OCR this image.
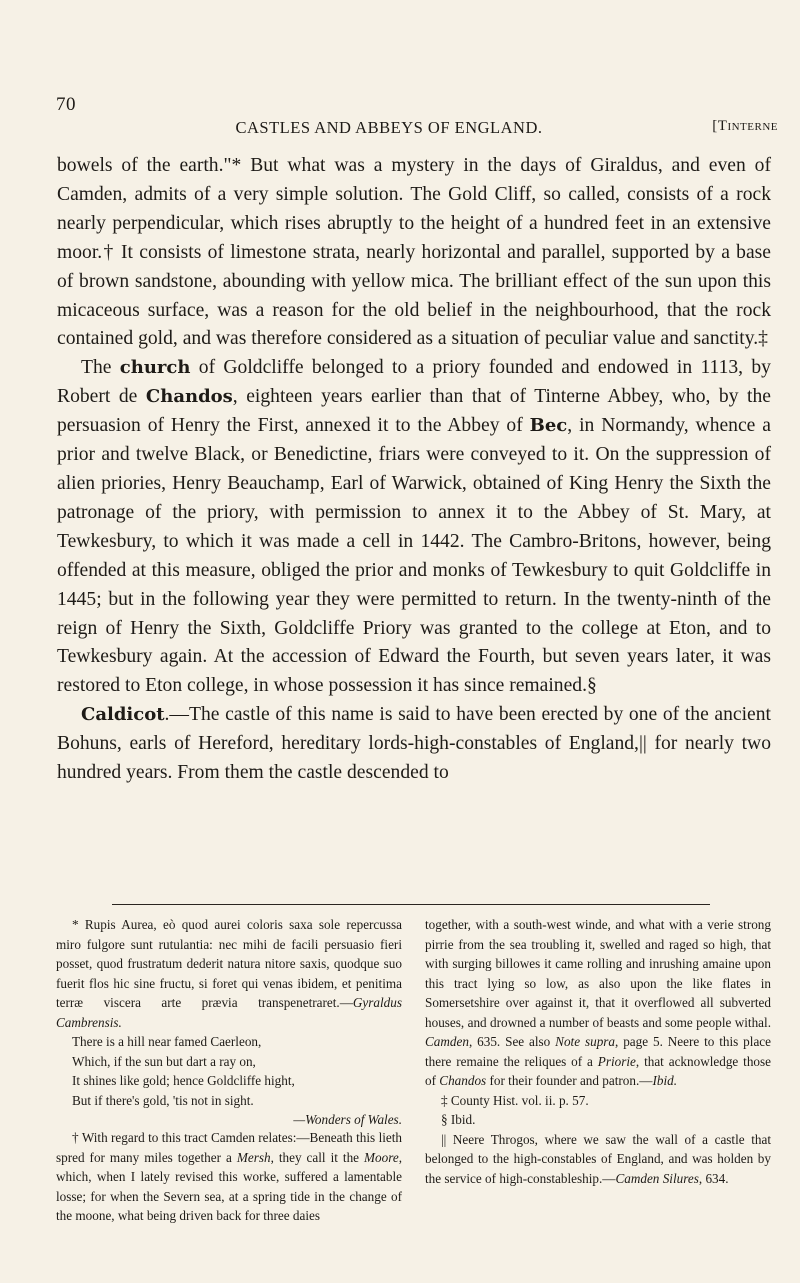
70
CASTLES AND ABBEYS OF ENGLAND.	[Tinterne

bowels of the earth."* But what was a mystery in the days of Giraldus, and even of Camden, admits of a very simple solution. The Gold Cliff, so called, consists of a rock nearly perpendicular, which rises abruptly to the height of a hundred feet in an extensive moor.† It consists of limestone strata, nearly horizontal and parallel, supported by a base of brown sandstone, abounding with yellow mica. The brilliant effect of the sun upon this micaceous surface, was a reason for the old belief in the neighbourhood, that the rock contained gold, and was therefore considered as a situation of peculiar value and sanctity.‡

The church of Goldcliffe belonged to a priory founded and endowed in 1113, by Robert de Chandos, eighteen years earlier than that of Tinterne Abbey, who, by the persuasion of Henry the First, annexed it to the Abbey of Bec, in Normandy, whence a prior and twelve Black, or Benedictine, friars were conveyed to it. On the suppression of alien priories, Henry Beauchamp, Earl of Warwick, obtained of King Henry the Sixth the patronage of the priory, with permission to annex it to the Abbey of St. Mary, at Tewkesbury, to which it was made a cell in 1442. The Cambro-Britons, however, being offended at this measure, obliged the prior and monks of Tewkesbury to quit Goldcliffe in 1445; but in the following year they were permitted to return. In the twenty-ninth of the reign of Henry the Sixth, Goldcliffe Priory was granted to the college at Eton, and to Tewkesbury again. At the accession of Edward the Fourth, but seven years later, it was restored to Eton college, in whose possession it has since remained.§

Caldicot.—The castle of this name is said to have been erected by one of the ancient Bohuns, earls of Hereford, hereditary lords-high-constables of England,|| for nearly two hundred years. From them the castle descended to

* Rupis Aurea, eò quod aurei coloris saxa sole repercussa miro fulgore sunt rutulantia: nec mihi de facili persuasio fieri posset, quod frustratum dederit natura nitore saxis, quodque suo fuerit flos hic sine fructu, si foret qui venas ibidem, et penitima terræ viscera arte prævia transpenetraret.—Gyraldus Cambrensis.

There is a hill near famed Caerleon,
Which, if the sun but dart a ray on,
It shines like gold; hence Goldcliffe hight,
But if there's gold, 'tis not in sight.
—Wonders of Wales.

together, with a south-west winde, and what with a verie strong pirrie from the sea troubling it, swelled and raged so high, that with surging billowes it came rolling and inrushing amaine upon this tract lying so low, as also upon the like flates in Somersetshire over against it, that it overflowed all subverted houses, and drowned a number of beasts and some people withal. Camden, 635. See also Note supra, page 5. Neere to this place there remaine the reliques of a Priorie, that acknowledge those of Chandos for their founder and patron.—Ibid.

‡ County Hist. vol. ii. p. 57.

§ Ibid.

|| Neere Throgos, where we saw the wall of a castle that belonged to the high-constables of England, and was holden by the service of high-constableship.—Camden Silures, 634.

† With regard to this tract Camden relates:—Beneath this lieth spred for many miles together a Mersh, they call it the Moore, which, when I lately revised this worke, suffered a lamentable losse; for when the Severn sea, at a spring tide in the change of the moone, what being driven back for three daies
